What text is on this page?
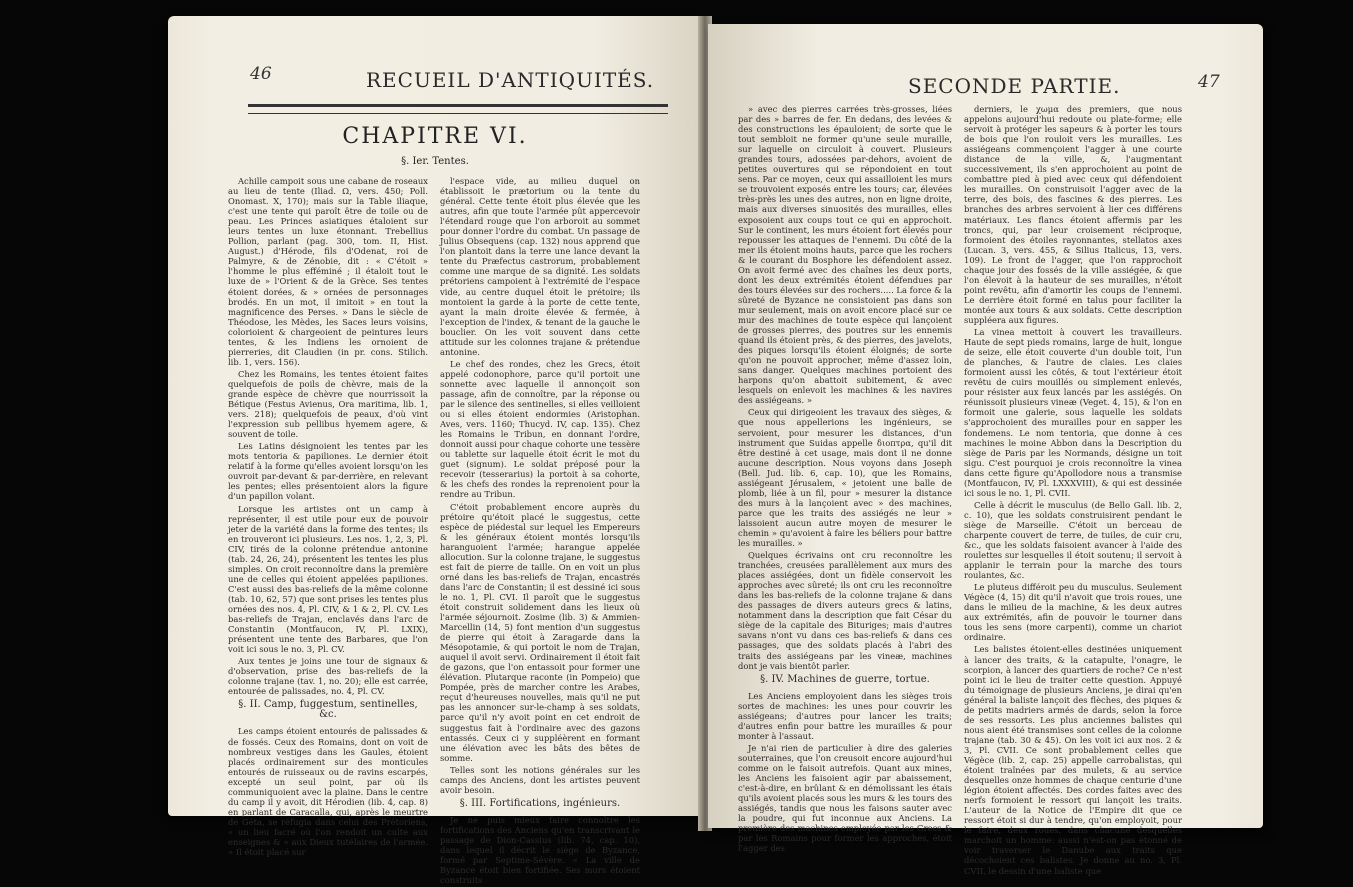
46	RECUEIL D'ANTIQUITÉS.
CHAPITRE VI.
§. Ier. Tentes.

Achille campoit sous une cabane de roseaux au lieu de tente (Iliad. Ω, vers. 450; Poll. Onomast. X, 170); mais sur la Table iliaque, c'est une tente qui paroît être de toile ou de peau. Les Princes asiatiques étaloient sur leurs tentes un luxe étonnant. Trebellius Pollion, parlant (pag. 300, tom. II, Hist. August.) d'Hérode, fils d'Odenat, roi de Palmyre, & de Zénobie, dit : « C'étoit » l'homme le plus efféminé ; il étaloit tout le luxe de » l'Orient & de la Grèce. Ses tentes étoient dorées, & » ornées de personnages brodés. En un mot, il imitoit » en tout la magnificence des Perses. » Dans le siècle de Théodose, les Mèdes, les Saces leurs voisins, colorioient & chargeoient de peintures leurs tentes, & les Indiens les ornoient de pierreries, dit Claudien (in pr. cons. Stilich. lib. 1, vers. 156).

Chez les Romains, les tentes étoient faites quelquefois de poils de chèvre, mais de la grande espèce de chèvre que nourrissoit la Bétique (Festus Avienus, Ora maritima, lib. 1, vers. 218); quelquefois de peaux, d'où vint l'expression sub pellibus hyemem agere, & souvent de toile.

Les Latins désignoient les tentes par les mots tentoria & papiliones. Le dernier étoit relatif à la forme qu'elles avoient lorsqu'on les ouvroit par-devant & par-derrière, en relevant les pentes; elles présentoient alors la figure d'un papillon volant.

Lorsque les artistes ont un camp à représenter, il est utile pour eux de pouvoir jeter de la variété dans la forme des tentes; ils en trouveront ici plusieurs. Les nos. 1, 2, 3, Pl. CIV, tirés de la colonne prétendue antonine (tab. 24, 26, 24), présentent les tentes les plus simples. On croit reconnoître dans la première une de celles qui étoient appelées papiliones. C'est aussi des bas-reliefs de la même colonne (tab. 10, 62, 57) que sont prises les tentes plus ornées des nos. 4, Pl. CIV, & 1 & 2, Pl. CV. Les bas-reliefs de Trajan, enclavés dans l'arc de Constantin (Montfaucon, IV, Pl. LXIX), présentent une tente des Barbares, que l'on voit ici sous le no. 3, Pl. CV.

Aux tentes je joins une tour de signaux & d'observation, prise des bas-reliefs de la colonne trajane (tav. 1, no. 20); elle est carrée, entourée de palissades, no. 4, Pl. CV.

§. II. Camp, fuggestum, sentinelles, &c.

Les camps étoient entourés de palissades & de fossés. Ceux des Romains, dont on voit de nombreux vestiges dans les Gaules, étoient placés ordinairement sur des monticules entourés de ruisseaux ou de ravins escarpés, excepté un seul point, par où ils communiquoient avec la plaine. Dans le centre du camp il y avoit, dit Hérodien (lib. 4, cap. 8) en parlant de Caracalla, qui, après le meurtre de Géta, se réfugia dans celui des Prétoriens, « un lieu facré où l'on rendoit un culte aux enseignes & » aux Dieux tutélaires de l'armée. » Il étoit placé sur

l'espace vide, au milieu duquel on établissoit le prætorium ou la tente du général. Cette tente étoit plus élevée que les autres, afin que toute l'armée pût appercevoir l'étendard rouge que l'on arboroit au sommet pour donner l'ordre du combat. Un passage de Julius Obsequens (cap. 132) nous apprend que l'on plantoit dans la terre une lance devant la tente du Præfectus castrorum, probablement comme une marque de sa dignité. Les soldats prétoriens campoient à l'extrémité de l'espace vide, au centre duquel étoit le prétoire; ils montoient la garde à la porte de cette tente, ayant la main droite élevée & fermée, à l'exception de l'index, & tenant de la gauche le bouclier. On les voit souvent dans cette attitude sur les colonnes trajane & prétendue antonine.

Le chef des rondes, chez les Grecs, étoit appelé codonophore, parce qu'il portoit une sonnette avec laquelle il annonçoit son passage, afin de connoître, par la réponse ou par le silence des sentinelles, si elles veilloient ou si elles étoient endormies (Aristophan. Aves, vers. 1160; Thucyd. IV, cap. 135). Chez les Romains le Tribun, en donnant l'ordre, donnoit aussi pour chaque cohorte une tessère ou tablette sur laquelle étoit écrit le mot du guet (signum). Le soldat préposé pour la recevoir (tesserarius) la portoit à sa cohorte, & les chefs des rondes la reprenoient pour la rendre au Tribun.

C'étoit probablement encore auprès du prétoire qu'étoit placé le suggestus, cette espèce de piédestal sur lequel les Empereurs & les généraux étoient montés lorsqu'ils haranguoient l'armée; harangue appelée allocution. Sur la colonne trajane, le suggestus est fait de pierre de taille. On en voit un plus orné dans les bas-reliefs de Trajan, encastrés dans l'arc de Constantin; il est dessiné ici sous le no. 1, Pl. CVI. Il paroît que le suggestus étoit construit solidement dans les lieux où l'armée séjournoit. Zosime (lib. 3) & Ammien-Marcellin (14, 5) font mention d'un suggestus de pierre qui étoit à Zaragarde dans la Mésopotamie, & qui portoit le nom de Trajan, auquel il avoit servi. Ordinairement il étoit fait de gazons, que l'on entassoit pour former une élévation. Plutarque raconte (in Pompeio) que Pompée, près de marcher contre les Arabes, reçut d'heureuses nouvelles, mais qu'il ne put pas les annoncer sur-le-champ à ses soldats, parce qu'il n'y avoit point en cet endroit de suggestus fait à l'ordinaire avec des gazons entassés. Ceux ci y suppléèrent en formant une élévation avec les bâts des bêtes de somme.

Telles sont les notions générales sur les camps des Anciens, dont les artistes peuvent avoir besoin.

§. III. Fortifications, ingénieurs.

Je ne puis mieux faire connoître les fortifications des Anciens qu'en transcrivant le passage de Dion-Cassius (lib. 74, cap. 10), dans lequel il décrit le siège de Byzance, formé par Septime-Sévère. « La ville de Byzance étoit bien fortifiée. Ses murs étoient construits

SECONDE PARTIE.	47

» avec des pierres carrées très-grosses, liées par des » barres de fer. En dedans, des levées & des constructions les épauloient; de sorte que le tout sembloit ne former qu'une seule muraille, sur laquelle on circuloit à couvert. Plusieurs grandes tours, adossées par-dehors, avoient de petites ouvertures qui se répondoient en tout sens. Par ce moyen, ceux qui assailloient les murs se trouvoient exposés entre les tours; car, élevées très-près les unes des autres, non en ligne droite, mais aux diverses sinuosités des murailles, elles exposoient aux coups tout ce qui en approchoit. Sur le continent, les murs étoient fort élevés pour repousser les attaques de l'ennemi. Du côté de la mer ils étoient moins hauts, parce que les rochers & le courant du Bosphore les défendoient assez. On avoit fermé avec des chaînes les deux ports, dont les deux extrémités étoient défendues par des tours élevées sur des rochers..... La force & la sûreté de Byzance ne consistoient pas dans son mur seulement, mais on avoit encore placé sur ce mur des machines de toute espèce qui lançoient de grosses pierres, des poutres sur les ennemis quand ils étoient près, & des pierres, des javelots, des piques lorsqu'ils étoient éloignés; de sorte qu'on ne pouvoit approcher, même d'assez loin, sans danger. Quelques machines portoient des harpons qu'on abattoit subitement, & avec lesquels on enlevoit les machines & les navires des assiégeans. »

Ceux qui dirigeoient les travaux des sièges, & que nous appellerions les ingénieurs, se servoient, pour mesurer les distances, d'un instrument que Suidas appelle διοπτρα, qu'il dit être destiné à cet usage, mais dont il ne donne aucune description. Nous voyons dans Joseph (Bell. Jud. lib. 6, cap. 10), que les Romains, assiégeant Jérusalem, « jetoient une balle de plomb, liée à un fil, pour » mesurer la distance des murs à la lançoient avec » des machines, parce que les traits des assiégés ne leur » laissoient aucun autre moyen de mesurer le chemin » qu'avoient à faire les béliers pour battre les murailles. »

Quelques écrivains ont cru reconnoître les tranchées, creusées parallèlement aux murs des places assiégées, dont un fidèle conservoit les approches avec sûreté; ils ont cru les reconnoître dans les bas-reliefs de la colonne trajane & dans des passages de divers auteurs grecs & latins, notamment dans la description que fait César du siège de la capitale des Bituriges; mais d'autres savans n'ont vu dans ces bas-reliefs & dans ces passages, que des soldats placés à l'abri des traits des assiégeans par les vineæ, machines dont je vais bientôt parler.

§. IV. Machines de guerre, tortue.

Les Anciens employoient dans les sièges trois sortes de machines: les unes pour couvrir les assiégeans; d'autres pour lancer les traits; d'autres enfin pour battre les murailles & pour monter à l'assaut.

Je n'ai rien de particulier à dire des galeries souterraines, que l'on creusoit encore aujourd'hui comme on le faisoit autrefois. Quant aux mines, les Anciens les faisoient agir par abaissement, c'est-à-dire, en brûlant & en démolissant les étais qu'ils avoient placés sous les murs & les tours des assiégés, tandis que nous les faisons sauter avec la poudre, qui fut inconnue aux Anciens. La première des machines employée par les Grecs & par les Romains pour former les approches, étoit l'agger des

derniers, le χωμα des premiers, que nous appelons aujourd'hui redoute ou plate-forme; elle servoit à protéger les sapeurs & à porter les tours de bois que l'on rouloit vers les murailles. Les assiégeans commençoient l'agger à une courte distance de la ville, &, l'augmentant successivement, ils s'en approchoient au point de combattre pied à pied avec ceux qui défendoient les murailles. On construisoit l'agger avec de la terre, des bois, des fascines & des pierres. Les branches des arbres servoient à lier ces différens matériaux. Les flancs étoient affermis par les troncs, qui, par leur croisement réciproque, formoient des étoiles rayonnantes, stellatos axes (Lucan. 3, vers. 455, & Silius Italicus, 13, vers. 109). Le front de l'agger, que l'on rapprochoit chaque jour des fossés de la ville assiégée, & que l'on élevoit à la hauteur de ses murailles, n'étoit point revêtu, afin d'amortir les coups de l'ennemi. Le derrière étoit formé en talus pour faciliter la montée aux tours & aux soldats. Cette description suppléera aux figures.

La vinea mettoit à couvert les travailleurs. Haute de sept pieds romains, large de huit, longue de seize, elle étoit couverte d'un double toit, l'un de planches, & l'autre de claies. Les claies formoient aussi les côtés, & tout l'extérieur étoit revêtu de cuirs mouillés ou simplement enlevés, pour résister aux feux lancés par les assiégés. On réunissoit plusieurs vineæ (Veget. 4, 15), & l'on en formoit une galerie, sous laquelle les soldats s'approchoient des murailles pour en sapper les fondemens. Le nom tentoria, que donne à ces machines le moine Abbon dans la Description du siège de Paris par les Normands, désigne un toit sigu. C'est pourquoi je crois reconnoître la vinea dans cette figure qu'Apollodore nous a transmise (Montfaucon, IV, Pl. LXXXVIII), & qui est dessinée ici sous le no. 1, Pl. CVII.

Celle à décrit le musculus (de Bello Gall. lib. 2, c. 10), que les soldats construisirent pendant le siège de Marseille. C'étoit un berceau de charpente couvert de terre, de tuiles, de cuir cru, &c., que les soldats faisoient avancer à l'aide des roulettes sur lesquelles il étoit soutenu; il servoit à applanir le terrain pour la marche des tours roulantes, &c.

Le pluteus différoit peu du musculus. Seulement Végèce (4, 15) dit qu'il n'avoit que trois roues, une dans le milieu de la machine, & les deux autres aux extrémités, afin de pouvoir le tourner dans tous les sens (more carpenti), comme un chariot ordinaire.

Les balistes étoient-elles destinées uniquement à lancer des traits, & la catapulte, l'onagre, le scorpion, à lancer des quartiers de roche? Ce n'est point ici le lieu de traiter cette question. Appuyé du témoignage de plusieurs Anciens, je dirai qu'en général la baliste lançoit des flèches, des piques & de petits madriers armés de dards, selon la force de ses ressorts. Les plus anciennes balistes qui nous aient été transmises sont celles de la colonne trajane (tab. 30 & 45). On les voit ici aux nos. 2 & 3, Pl. CVII. Ce sont probablement celles que Végèce (lib. 2, cap. 25) appelle carrobalistas, qui étoient traînées par des mulets, & au service desquelles onze hommes de chaque centurie d'une légion étoient affectés. Des cordes faites avec des nerfs formoient le ressort qui lançoit les traits. L'auteur de la Notice de l'Empire dit que ce ressort étoit si dur à tendre, qu'on employoit, pour le faire, deux roues, dans chacune desquelles marchoit un homme: aussi n'est-on pas étonné de voir traverser le Danube aux traits que décochoient ces balistes. Je donne au no. 3, Pl. CVII, le dessin d'une baliste que
